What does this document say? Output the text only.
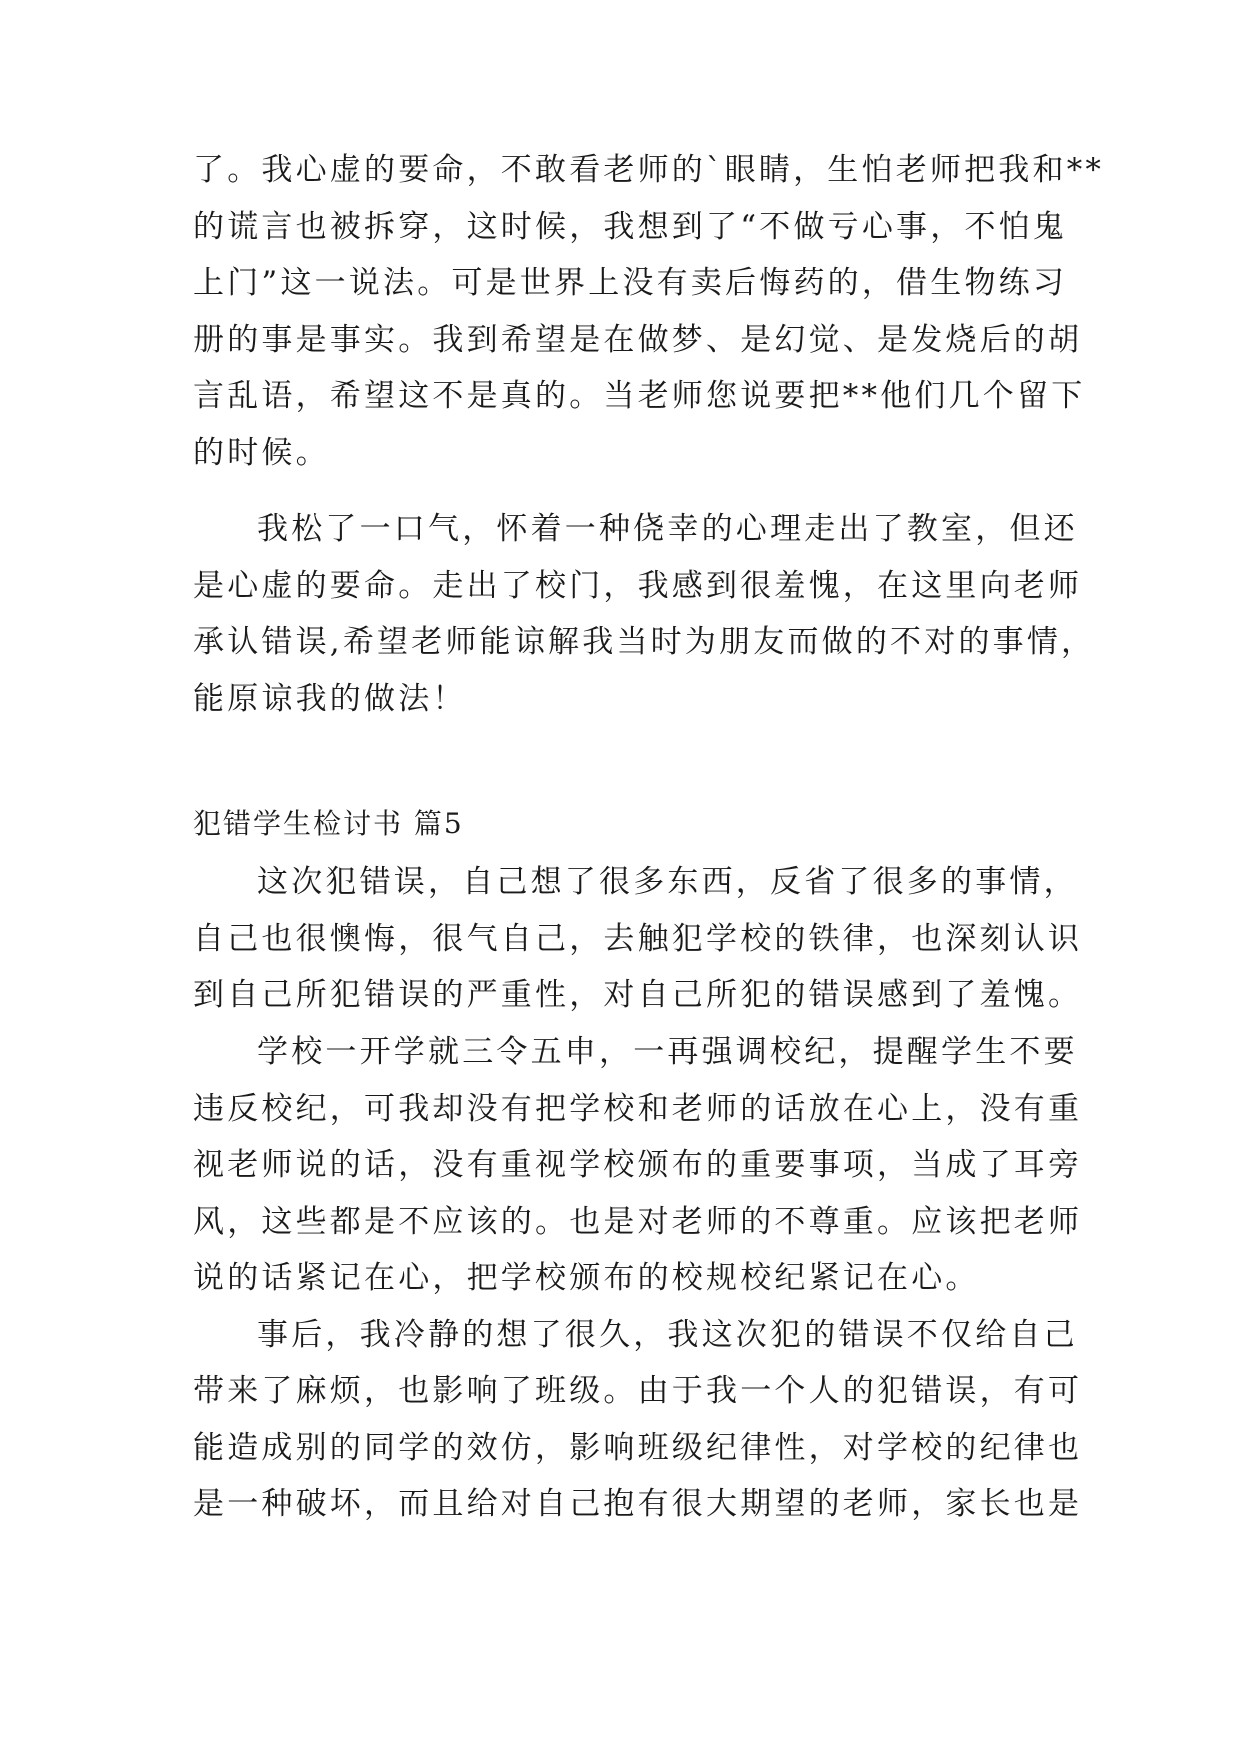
了。我心虚的要命，不敢看老师的`眼睛，生怕老师把我和**
的谎言也被拆穿，这时候，我想到了“不做亏心事，不怕鬼
上门”这一说法。可是世界上没有卖后悔药的，借生物练习
册的事是事实。我到希望是在做梦、是幻觉、是发烧后的胡
言乱语，希望这不是真的。当老师您说要把**他们几个留下
的时候。
我松了一口气，怀着一种侥幸的心理走出了教室，但还
是心虚的要命。走出了校门，我感到很羞愧，在这里向老师
承认错误,希望老师能谅解我当时为朋友而做的不对的事情，
能原谅我的做法！
犯错学生检讨书 篇5
这次犯错误，自己想了很多东西，反省了很多的事情，
自己也很懊悔，很气自己，去触犯学校的铁律，也深刻认识
到自己所犯错误的严重性，对自己所犯的错误感到了羞愧。
学校一开学就三令五申，一再强调校纪，提醒学生不要
违反校纪，可我却没有把学校和老师的话放在心上，没有重
视老师说的话，没有重视学校颁布的重要事项，当成了耳旁
风，这些都是不应该的。也是对老师的不尊重。应该把老师
说的话紧记在心，把学校颁布的校规校纪紧记在心。
事后，我冷静的想了很久，我这次犯的错误不仅给自己
带来了麻烦，也影响了班级。由于我一个人的犯错误，有可
能造成别的同学的效仿，影响班级纪律性，对学校的纪律也
是一种破坏，而且给对自己抱有很大期望的老师，家长也是
